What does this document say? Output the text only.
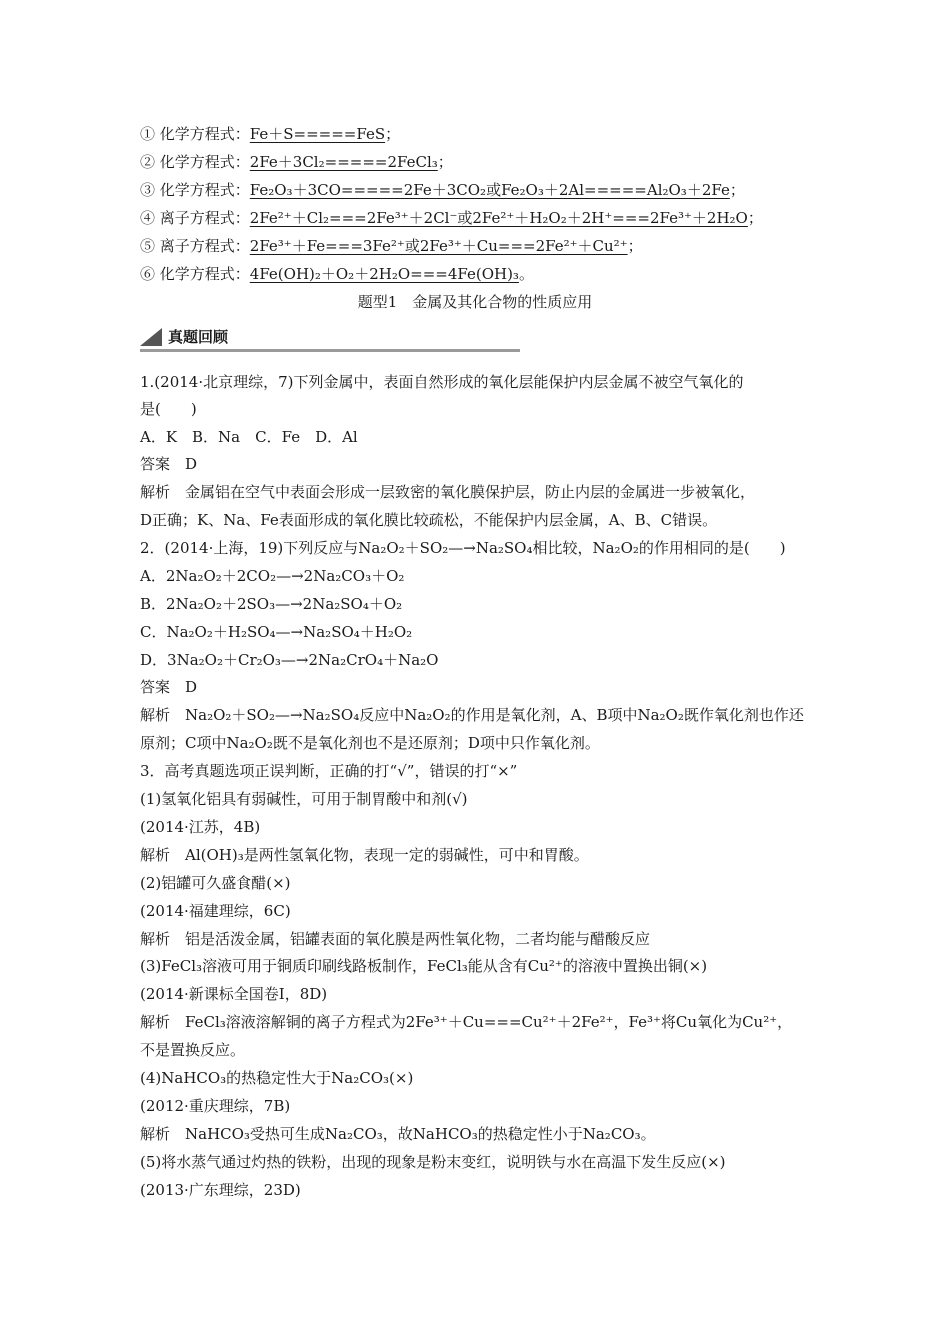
① 化学方程式：Fe＋S=====FeS；
② 化学方程式：2Fe＋3Cl₂=====2FeCl₃；
③ 化学方程式：Fe₂O₃＋3CO=====2Fe＋3CO₂或Fe₂O₃＋2Al=====Al₂O₃＋2Fe；
④ 离子方程式：2Fe²⁺＋Cl₂===2Fe³⁺＋2Cl⁻或2Fe²⁺＋H₂O₂＋2H⁺===2Fe³⁺＋2H₂O；
⑤ 离子方程式：2Fe³⁺＋Fe===3Fe²⁺或2Fe³⁺＋Cu===2Fe²⁺＋Cu²⁺；
⑥ 化学方程式：4Fe(OH)₂＋O₂＋2H₂O===4Fe(OH)₃。
题型1　金属及其化合物的性质应用
真题回顾
1.(2014·北京理综，7)下列金属中，表面自然形成的氧化层能保护内层金属不被空气氧化的
是(　　)
A．K　B．Na　C．Fe　D．Al
答案　D
解析　金属铝在空气中表面会形成一层致密的氧化膜保护层，防止内层的金属进一步被氧化，
D正确；K、Na、Fe表面形成的氧化膜比较疏松，不能保护内层金属，A、B、C错误。
2．(2014·上海，19)下列反应与Na₂O₂＋SO₂—→Na₂SO₄相比较，Na₂O₂的作用相同的是(　　)
A．2Na₂O₂＋2CO₂—→2Na₂CO₃＋O₂
B．2Na₂O₂＋2SO₃—→2Na₂SO₄＋O₂
C．Na₂O₂＋H₂SO₄—→Na₂SO₄＋H₂O₂
D．3Na₂O₂＋Cr₂O₃—→2Na₂CrO₄＋Na₂O
答案　D
解析　Na₂O₂＋SO₂—→Na₂SO₄反应中Na₂O₂的作用是氧化剂，A、B项中Na₂O₂既作氧化剂也作还
原剂；C项中Na₂O₂既不是氧化剂也不是还原剂；D项中只作氧化剂。
3．高考真题选项正误判断，正确的打“√”，错误的打“×”
(1)氢氧化铝具有弱碱性，可用于制胃酸中和剂(√)
(2014·江苏，4B)
解析　Al(OH)₃是两性氢氧化物，表现一定的弱碱性，可中和胃酸。
(2)铝罐可久盛食醋(×)
(2014·福建理综，6C)
解析　铝是活泼金属，铝罐表面的氧化膜是两性氧化物，二者均能与醋酸反应
(3)FeCl₃溶液可用于铜质印刷线路板制作，FeCl₃能从含有Cu²⁺的溶液中置换出铜(×)
(2014·新课标全国卷Ⅰ，8D)
解析　FeCl₃溶液溶解铜的离子方程式为2Fe³⁺＋Cu===Cu²⁺＋2Fe²⁺，Fe³⁺将Cu氧化为Cu²⁺，
不是置换反应。
(4)NaHCO₃的热稳定性大于Na₂CO₃(×)
(2012·重庆理综，7B)
解析　NaHCO₃受热可生成Na₂CO₃，故NaHCO₃的热稳定性小于Na₂CO₃。
(5)将水蒸气通过灼热的铁粉，出现的现象是粉末变红，说明铁与水在高温下发生反应(×)
(2013·广东理综，23D)
